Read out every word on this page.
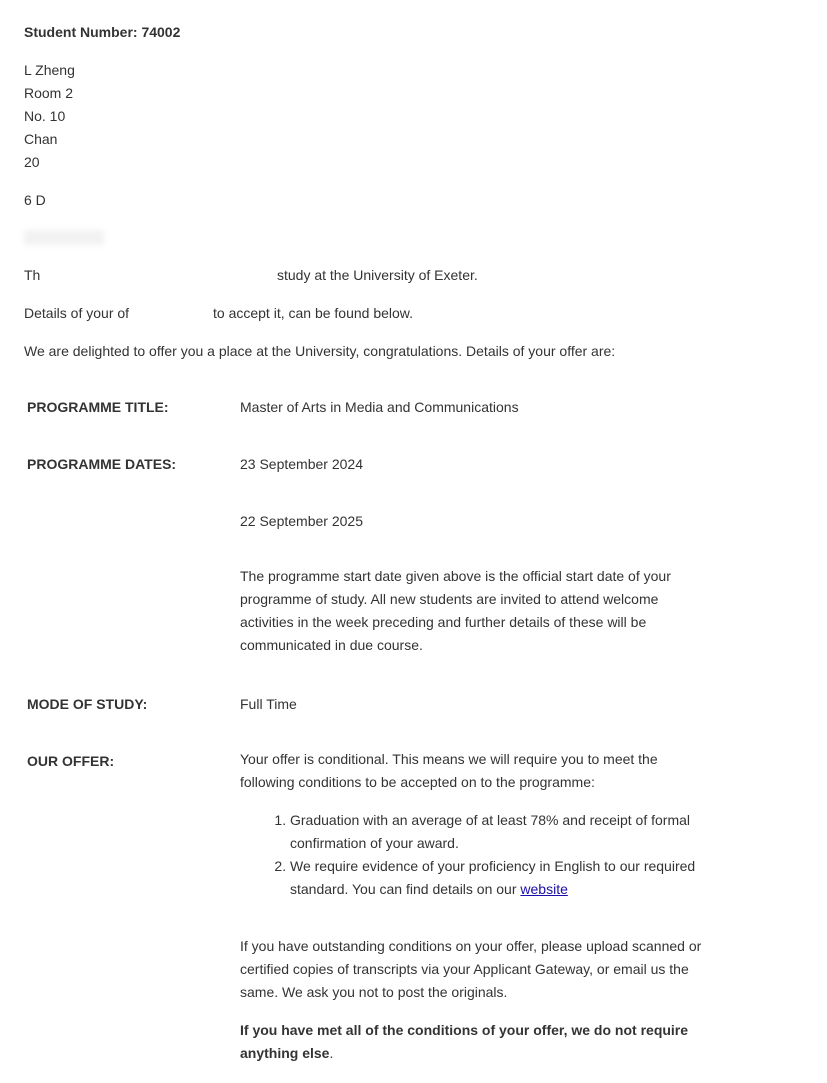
Student Number: 74002
L Zheng
Room 2
No. 10
Chan
20
6 D
Th	study at the University of Exeter.
Details of your of	to accept it, can be found below.
We are delighted to offer you a place at the University, congratulations. Details of your offer are:
PROGRAMME TITLE:	Master of Arts in Media and Communications
PROGRAMME DATES:	23 September 2024
22 September 2025

The programme start date given above is the official start date of your programme of study. All new students are invited to attend welcome activities in the week preceding and further details of these will be communicated in due course.

MODE OF STUDY:	Full Time
OUR OFFER:	Your offer is conditional. This means we will require you to meet the following conditions to be accepted on to the programme:

1. Graduation with an average of at least 78% and receipt of formal confirmation of your award.
2. We require evidence of your proficiency in English to our required standard. You can find details on our website

If you have outstanding conditions on your offer, please upload scanned or certified copies of transcripts via your Applicant Gateway, or email us the same. We ask you not to post the originals.

If you have met all of the conditions of your offer, we do not require anything else.
